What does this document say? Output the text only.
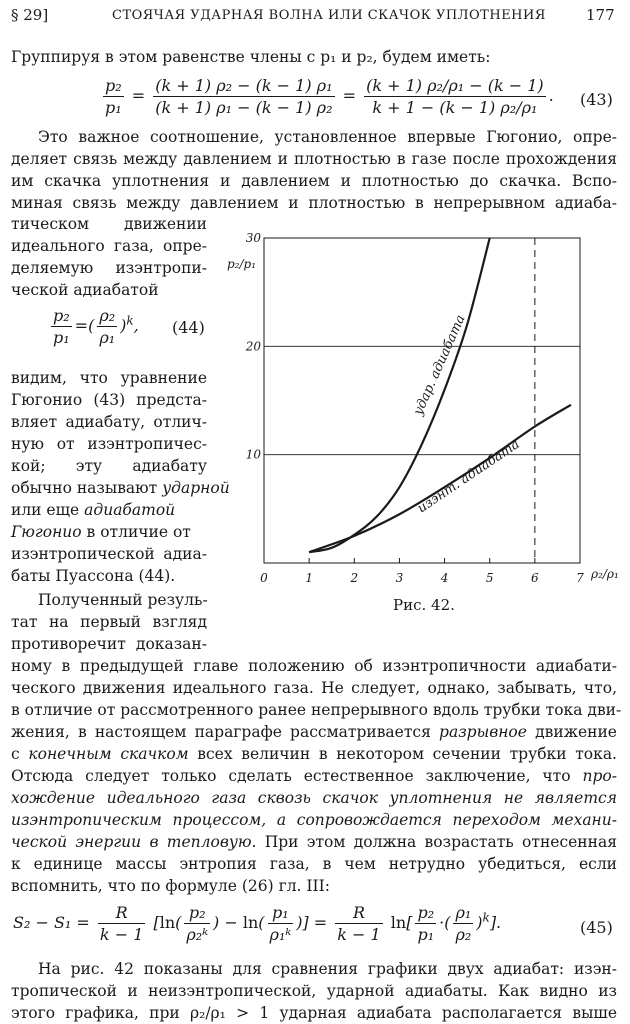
§ 29]	СТОЯЧАЯ УДАРНАЯ ВОЛНА ИЛИ СКАЧОК УПЛОТНЕНИЯ	177
Группируя в этом равенстве члены с p₁ и p₂, будем иметь:
$\frac{\text{p₂}}{\text{p₁}} = \frac{\text{(k + 1) ρ₂ − (k − 1) ρ₁}}{\text{(k + 1) ρ₁ − (k − 1) ρ₂}} = \frac{\text{(k + 1) ρ₂/ρ₁ − (k − 1)}}{\text{k + 1 − (k − 1) ρ₂/ρ₁}}$ . (43)
Это важное соотношение, установленное впервые Гюгонио, опре-
деляет связь между давлением и плотностью в газе после прохождения
им скачка уплотнения и давлением и плотностью до скачка. Вспо-
миная связь между давлением и плотностью в непрерывном адиаба-
тическом движении
идеального газа, опре-
деляемую изэнтропи-
ческой адиабатой
$\frac{\text{p₂}}{\text{p₁}}$ =( $\frac{\text{ρ₂}}{\text{ρ₁}} )^k$, (44)
видим, что уравнение
Гюгонио (43) предста-
вляет адиабату, отлич-
ную от изэнтропичес-
кой; эту адиабату
обычно называют ударной
или еще адиабатой
Гюгонио в отличие от
изэнтропической адиа-
баты Пуассона (44).
Полученный резуль-
тат на первый взгляд
противоречит доказан-
0	1	2	3	4	5	6	7
10
20
30
p₂/p₁
ρ₂/ρ₁
удар. адиабата
изэнт. адиабата
Рис. 42.
ному в предыдущей главе положению об изэнтропичности адиабати-
ческого движения идеального газа. Не следует, однако, забывать, что,
в отличие от рассмотренного ранее непрерывного вдоль трубки тока дви-
жения, в настоящем параграфе рассматривается разрывное движение
с конечным скачком всех величин в некотором сечении трубки тока.
Отсюда следует только сделать естественное заключение, что про-
хождение идеального газа сквозь скачок уплотнения не является
изэнтропическим процессом, а сопровождается переходом механи-
ческой энергии в тепловую. При этом должна возрастать отнесенная
к единице массы энтропия газа, в чем нетрудно убедиться, если
вспомнить, что по формуле (26) гл. III:
$S_2 - S_1 = \frac{R}{k - 1} [\ln( \frac{\text{p₂}}{\text{ρ₂ᵏ}}$ ) − $\ln( \frac{\text{p₁}}{\text{ρ₁ᵏ}}$ )] = $\frac{R}{k - 1} \ln[ \frac{\text{p₂}}{\text{p₁}}$ ·( $\frac{\text{ρ₁}}{\text{ρ₂}} )^k$].	(45)
На рис. 42 показаны для сравнения графики двух адиабат: изэн-
тропической и неизэнтропической, ударной адиабаты. Как видно из
этого графика, при ρ₂/ρ₁ > 1 ударная адиабата располагается выше
